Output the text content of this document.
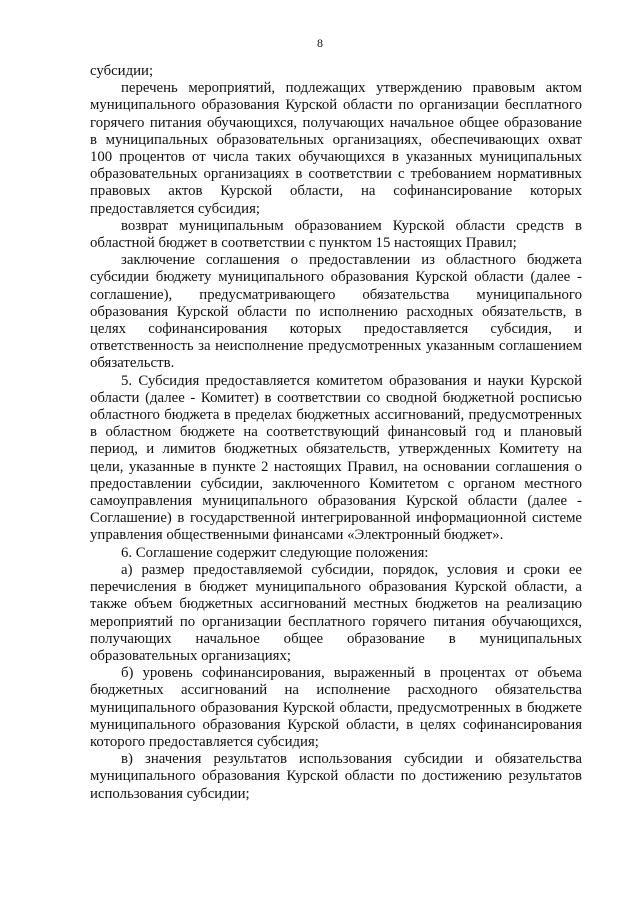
8

субсидии;

перечень мероприятий, подлежащих утверждению правовым актом муниципального образования Курской области по организации бесплатного горячего питания обучающихся, получающих начальное общее образование в муниципальных образовательных организациях, обеспечивающих охват 100 процентов от числа таких обучающихся в указанных муниципальных образовательных организациях в соответствии с требованием нормативных правовых актов Курской области, на софинансирование которых предоставляется субсидия;

возврат муниципальным образованием Курской области средств в областной бюджет в соответствии с пунктом 15 настоящих Правил;

заключение соглашения о предоставлении из областного бюджета субсидии бюджету муниципального образования Курской области (далее - соглашение), предусматривающего обязательства муниципального образования Курской области по исполнению расходных обязательств, в целях софинансирования которых предоставляется субсидия, и ответственность за неисполнение предусмотренных указанным соглашением обязательств.

5. Субсидия предоставляется комитетом образования и науки Курской области (далее - Комитет) в соответствии со сводной бюджетной росписью областного бюджета в пределах бюджетных ассигнований, предусмотренных в областном бюджете на соответствующий финансовый год и плановый период, и лимитов бюджетных обязательств, утвержденных Комитету на цели, указанные в пункте 2 настоящих Правил, на основании соглашения о предоставлении субсидии, заключенного Комитетом с органом местного самоуправления муниципального образования Курской области (далее - Соглашение) в государственной интегрированной информационной системе управления общественными финансами «Электронный бюджет».

6. Соглашение содержит следующие положения:

а) размер предоставляемой субсидии, порядок, условия и сроки ее перечисления в бюджет муниципального образования Курской области, а также объем бюджетных ассигнований местных бюджетов на реализацию мероприятий по организации бесплатного горячего питания обучающихся, получающих начальное общее образование в муниципальных образовательных организациях;

б) уровень софинансирования, выраженный в процентах от объема бюджетных ассигнований на исполнение расходного обязательства муниципального образования Курской области, предусмотренных в бюджете муниципального образования Курской области, в целях софинансирования которого предоставляется субсидия;

в) значения результатов использования субсидии и обязательства муниципального образования Курской области по достижению результатов использования субсидии;
